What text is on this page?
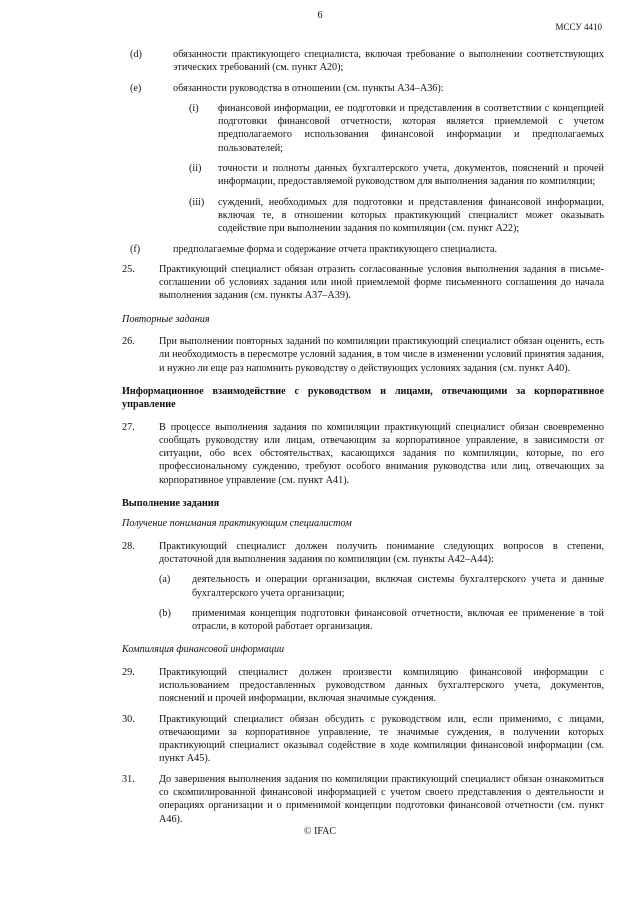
6
МССУ 4410
(d)	обязанности практикующего специалиста, включая требование о выполнении соответствующих этических требований (см. пункт A20);
(e)	обязанности руководства в отношении (см. пункты А34–А36):
(i)	финансовой информации, ее подготовки и представления в соответствии с концепцией подготовки финансовой отчетности, которая является приемлемой с учетом предполагаемого использования финансовой информации и предполагаемых пользователей;
(ii)	точности и полноты данных бухгалтерского учета, документов, пояснений и прочей информации, предоставляемой руководством для выполнения задания по компиляции;
(iii)	суждений, необходимых для подготовки и представления финансовой информации, включая те, в отношении которых практикующий специалист может оказывать содействие при выполнении задания по компиляции (см. пункт А22);
(f)	предполагаемые форма и содержание отчета практикующего специалиста.
25.	Практикующий специалист обязан отразить согласованные условия выполнения задания в письме-соглашении об условиях задания или иной приемлемой форме письменного соглашения до начала выполнения задания (см. пункты А37–А39).
Повторные задания
26.	При выполнении повторных заданий по компиляции практикующий специалист обязан оценить, есть ли необходимость в пересмотре условий задания, в том числе в изменении условий принятия задания, и нужно ли еще раз напомнить руководству о действующих условиях задания (см. пункт А40).
Информационное взаимодействие с руководством и лицами, отвечающими за корпоративное управление
27.	В процессе выполнения задания по компиляции практикующий специалист обязан своевременно сообщать руководству или лицам, отвечающим за корпоративное управление, в зависимости от ситуации, обо всех обстоятельствах, касающихся задания по компиляции, которые, по его профессиональному суждению, требуют особого внимания руководства или лиц, отвечающих за корпоративное управление (см. пункт А41).
Выполнение задания
Получение понимания практикующим специалистом
28.	Практикующий специалист должен получить понимание следующих вопросов в степени, достаточной для выполнения задания по компиляции (см. пункты А42–А44):
(a)	деятельность и операции организации, включая системы бухгалтерского учета и данные бухгалтерского учета организации;
(b)	применимая концепция подготовки финансовой отчетности, включая ее применение в той отрасли, в которой работает организация.
Компиляция финансовой информации
29.	Практикующий специалист должен произвести компиляцию финансовой информации с использованием предоставленных руководством данных бухгалтерского учета, документов, пояснений и прочей информации, включая значимые суждения.
30.	Практикующий специалист обязан обсудить с руководством или, если применимо, с лицами, отвечающими за корпоративное управление, те значимые суждения, в получении которых практикующий специалист оказывал содействие в ходе компиляции финансовой информации (см. пункт А45).
31.	До завершения выполнения задания по компиляции практикующий специалист обязан ознакомиться со скомпилированной финансовой информацией с учетом своего представления о деятельности и операциях организации и о применимой концепции подготовки финансовой отчетности (см. пункт А46).
© IFAC
